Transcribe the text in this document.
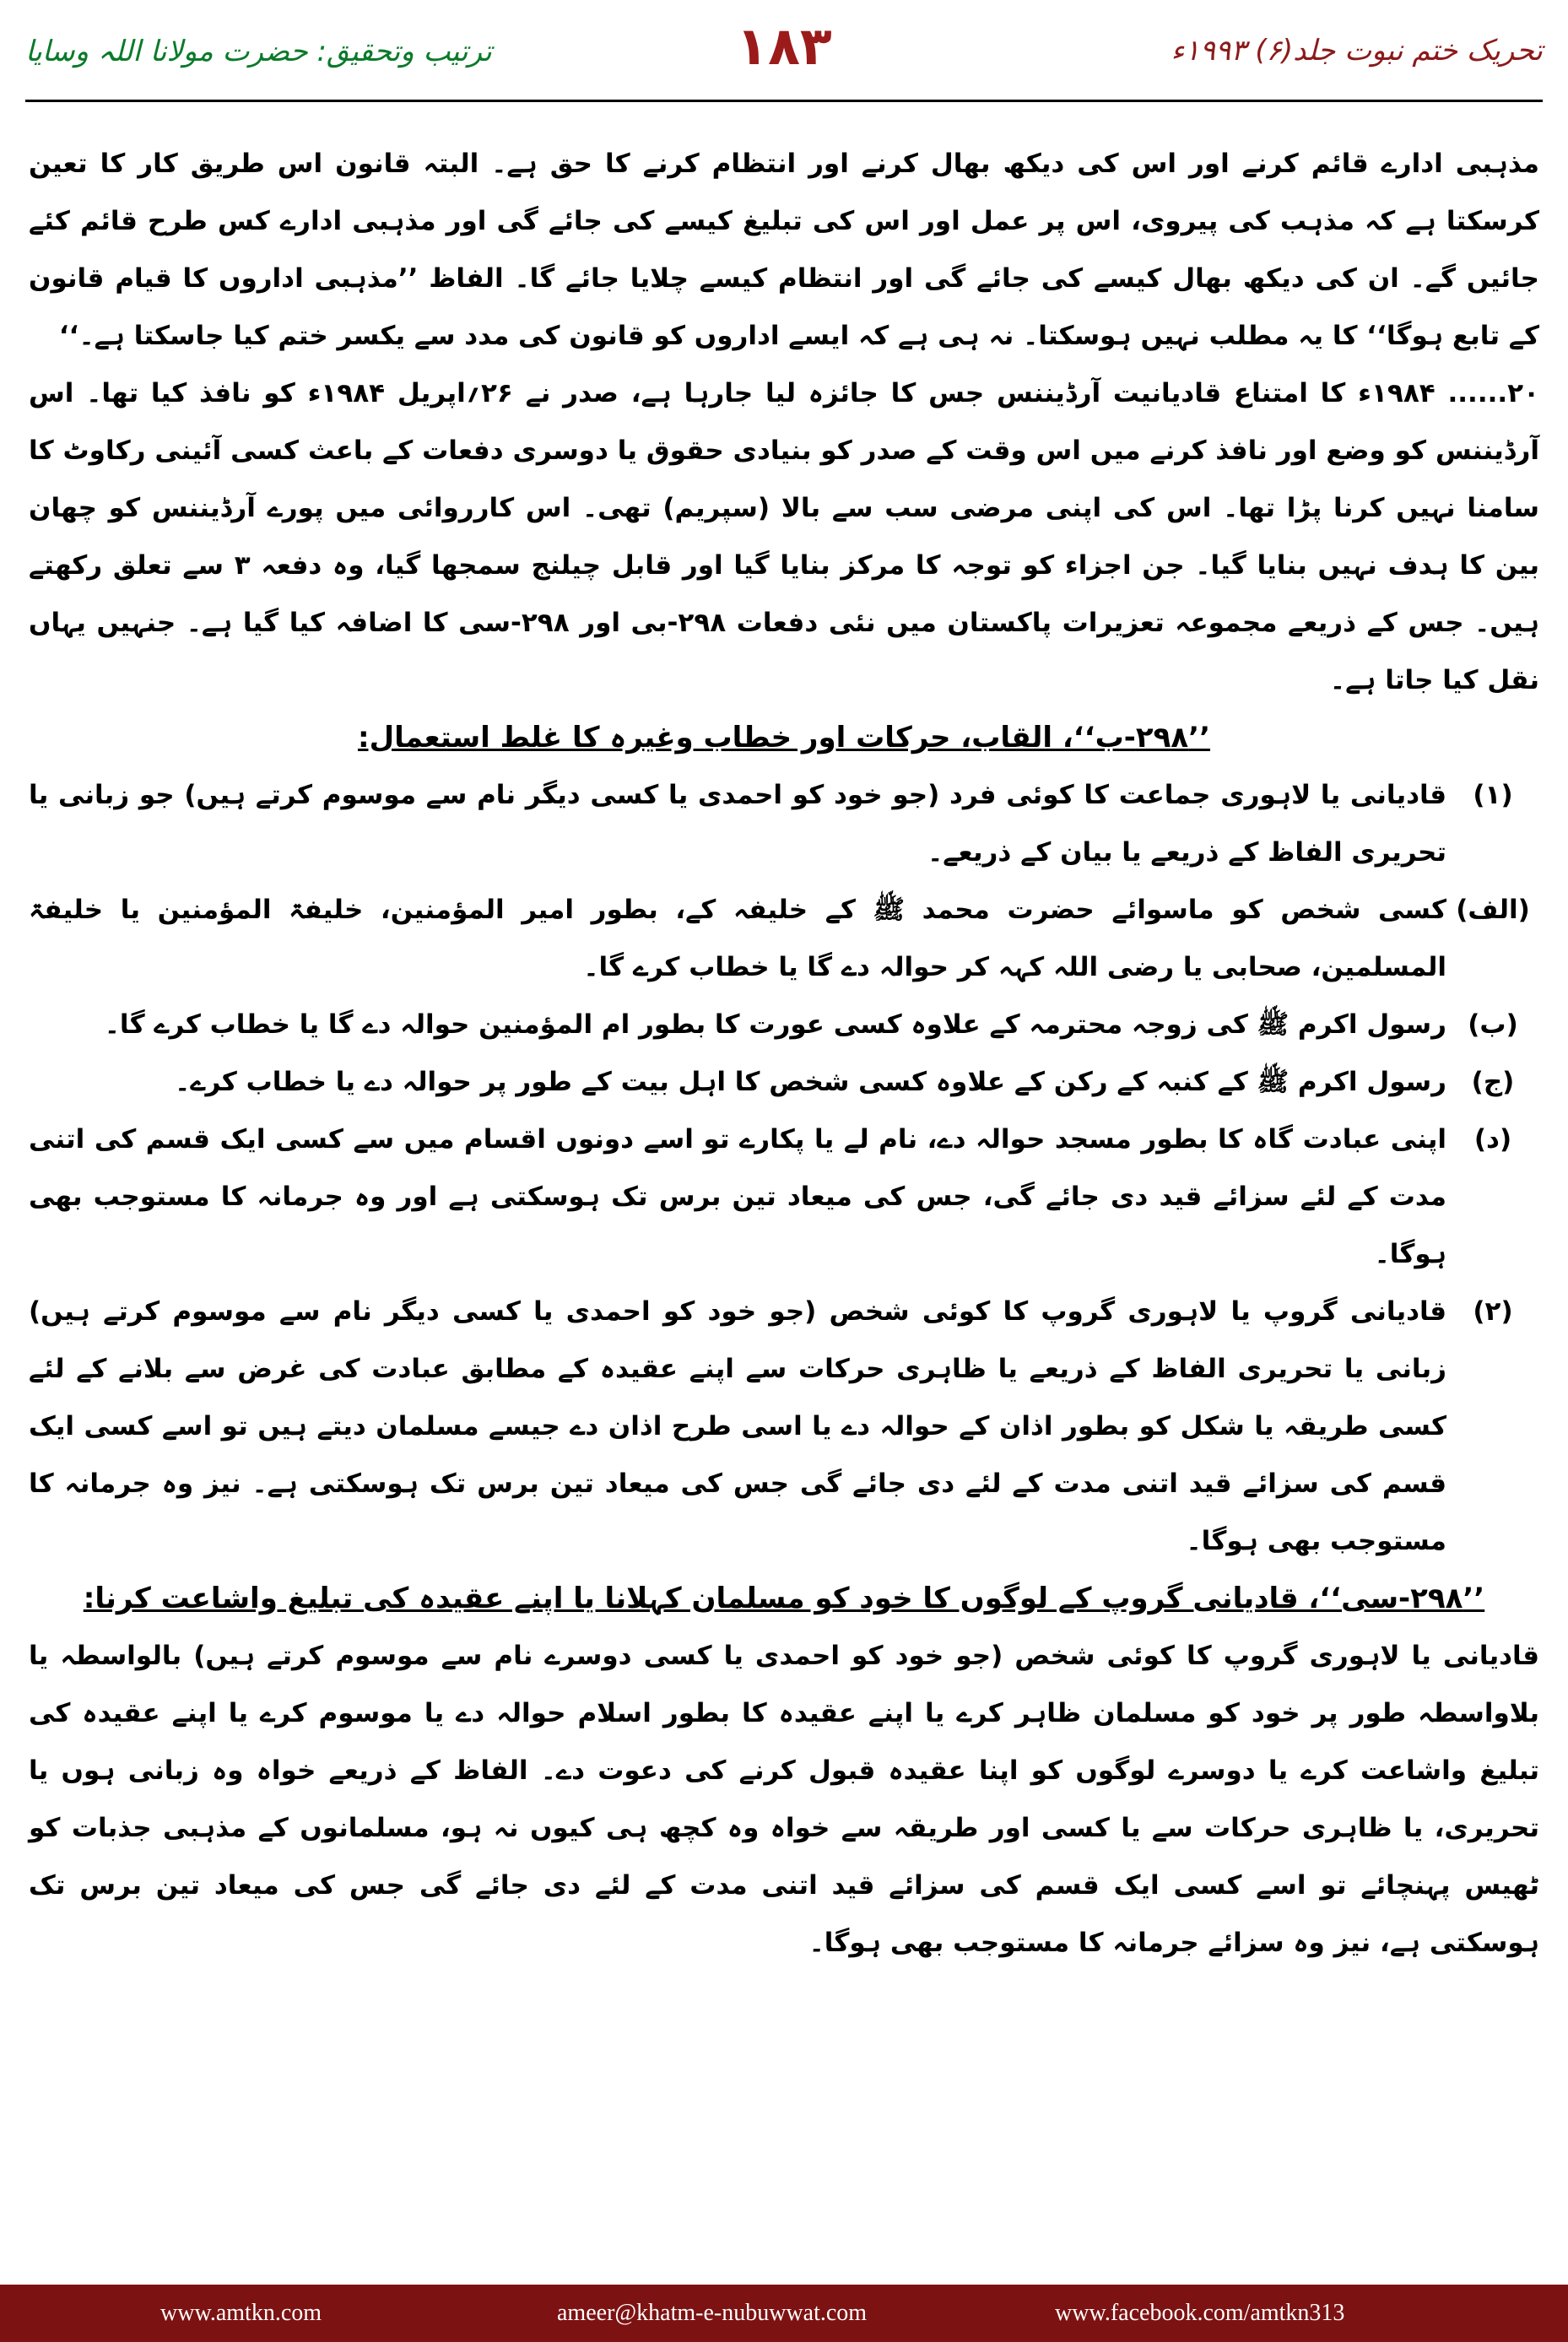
تحریک ختم نبوت جلد(۶) ۱۹۹۳ء
۱۸۳
ترتیب وتحقیق: حضرت مولانا اللہ وسایا

مذہبی ادارے قائم کرنے اور اس کی دیکھ بھال کرنے اور انتظام کرنے کا حق ہے۔ البتہ قانون اس طریق کار کا تعین کرسکتا ہے کہ مذہب کی پیروی، اس پر عمل اور اس کی تبلیغ کیسے کی جائے گی اور مذہبی ادارے کس طرح قائم کئے جائیں گے۔ ان کی دیکھ بھال کیسے کی جائے گی اور انتظام کیسے چلایا جائے گا۔ الفاظ ’’مذہبی اداروں کا قیام قانون کے تابع ہوگا‘‘ کا یہ مطلب نہیں ہوسکتا۔ نہ ہی ہے کہ ایسے اداروں کو قانون کی مدد سے یکسر ختم کیا جاسکتا ہے۔‘‘

۲۰...... ۱۹۸۴ء کا امتناع قادیانیت آرڈیننس جس کا جائزہ لیا جارہا ہے، صدر نے ۲۶؍اپریل ۱۹۸۴ء کو نافذ کیا تھا۔ اس آرڈیننس کو وضع اور نافذ کرنے میں اس وقت کے صدر کو بنیادی حقوق یا دوسری دفعات کے باعث کسی آئینی رکاوٹ کا سامنا نہیں کرنا پڑا تھا۔ اس کی اپنی مرضی سب سے بالا (سپریم) تھی۔ اس کارروائی میں پورے آرڈیننس کو چھان بین کا ہدف نہیں بنایا گیا۔ جن اجزاء کو توجہ کا مرکز بنایا گیا اور قابل چیلنج سمجھا گیا، وہ دفعہ ۳ سے تعلق رکھتے ہیں۔ جس کے ذریعے مجموعہ تعزیرات پاکستان میں نئی دفعات ۲۹۸-بی اور ۲۹۸-سی کا اضافہ کیا گیا ہے۔ جنہیں یہاں نقل کیا جاتا ہے۔

’’۲۹۸-ب‘‘، القاب، حرکات اور خطاب وغیرہ کا غلط استعمال:

(۱)
قادیانی یا لاہوری جماعت کا کوئی فرد (جو خود کو احمدی یا کسی دیگر نام سے موسوم کرتے ہیں) جو زبانی یا تحریری الفاظ کے ذریعے یا بیان کے ذریعے۔
(الف)
کسی شخص کو ماسوائے حضرت محمد ﷺ کے خلیفہ کے، بطور امیر المؤمنین، خلیفۃ المؤمنین یا خلیفۃ المسلمین، صحابی یا رضی اللہ کہہ کر حوالہ دے گا یا خطاب کرے گا۔
(ب)
رسول اکرم ﷺ کی زوجہ محترمہ کے علاوہ کسی عورت کا بطور ام المؤمنین حوالہ دے گا یا خطاب کرے گا۔
(ج)
رسول اکرم ﷺ کے کنبہ کے رکن کے علاوہ کسی شخص کا اہل بیت کے طور پر حوالہ دے یا خطاب کرے۔
(د)
اپنی عبادت گاہ کا بطور مسجد حوالہ دے، نام لے یا پکارے تو اسے دونوں اقسام میں سے کسی ایک قسم کی اتنی مدت کے لئے سزائے قید دی جائے گی، جس کی میعاد تین برس تک ہوسکتی ہے اور وہ جرمانہ کا مستوجب بھی ہوگا۔
(۲)
قادیانی گروپ یا لاہوری گروپ کا کوئی شخص (جو خود کو احمدی یا کسی دیگر نام سے موسوم کرتے ہیں) زبانی یا تحریری الفاظ کے ذریعے یا ظاہری حرکات سے اپنے عقیدہ کے مطابق عبادت کی غرض سے بلانے کے لئے کسی طریقہ یا شکل کو بطور اذان کے حوالہ دے یا اسی طرح اذان دے جیسے مسلمان دیتے ہیں تو اسے کسی ایک قسم کی سزائے قید اتنی مدت کے لئے دی جائے گی جس کی میعاد تین برس تک ہوسکتی ہے۔ نیز وہ جرمانہ کا مستوجب بھی ہوگا۔

’’۲۹۸-سی‘‘، قادیانی گروپ کے لوگوں کا خود کو مسلمان کہلانا یا اپنے عقیدہ کی تبلیغ واشاعت کرنا:

قادیانی یا لاہوری گروپ کا کوئی شخص (جو خود کو احمدی یا کسی دوسرے نام سے موسوم کرتے ہیں) بالواسطہ یا بلاواسطہ طور پر خود کو مسلمان ظاہر کرے یا اپنے عقیدہ کا بطور اسلام حوالہ دے یا موسوم کرے یا اپنے عقیدہ کی تبلیغ واشاعت کرے یا دوسرے لوگوں کو اپنا عقیدہ قبول کرنے کی دعوت دے۔ الفاظ کے ذریعے خواہ وہ زبانی ہوں یا تحریری، یا ظاہری حرکات سے یا کسی اور طریقہ سے خواہ وہ کچھ ہی کیوں نہ ہو، مسلمانوں کے مذہبی جذبات کو ٹھیس پہنچائے تو اسے کسی ایک قسم کی سزائے قید اتنی مدت کے لئے دی جائے گی جس کی میعاد تین برس تک ہوسکتی ہے، نیز وہ سزائے جرمانہ کا مستوجب بھی ہوگا۔

www.amtkn.com	ameer@khatm-e-nubuwwat.com	www.facebook.com/amtkn313
